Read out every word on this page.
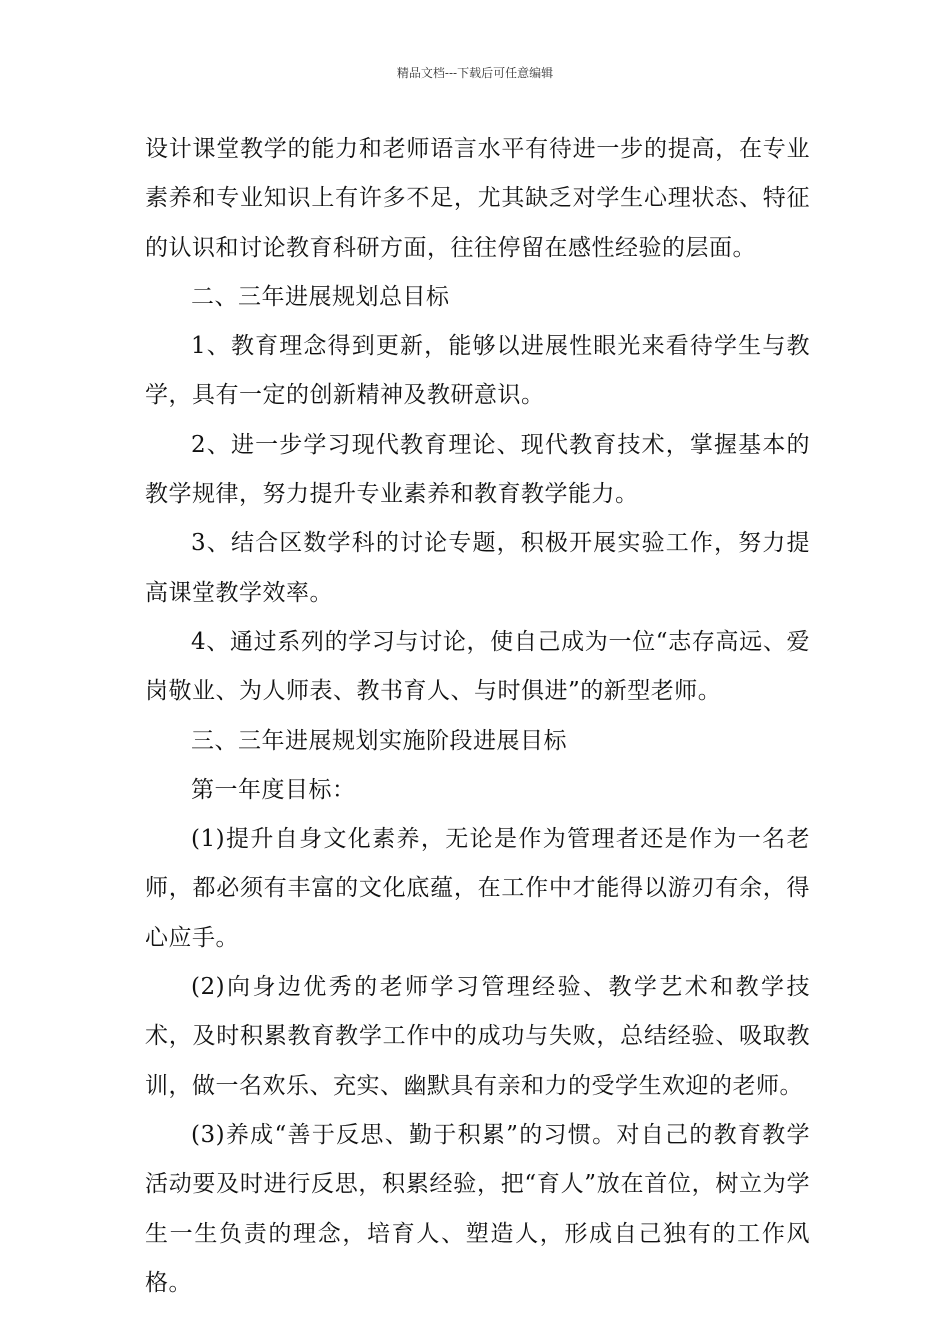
精品文档---下载后可任意编辑

设计课堂教学的能力和老师语言水平有待进一步的提高，在专业素养和专业知识上有许多不足，尤其缺乏对学生心理状态、特征的认识和讨论教育科研方面，往往停留在感性经验的层面。

二、三年进展规划总目标

1、教育理念得到更新，能够以进展性眼光来看待学生与教学，具有一定的创新精神及教研意识。

2、进一步学习现代教育理论、现代教育技术，掌握基本的教学规律，努力提升专业素养和教育教学能力。

3、结合区数学科的讨论专题，积极开展实验工作，努力提高课堂教学效率。

4、通过系列的学习与讨论，使自己成为一位“志存高远、爱岗敬业、为人师表、教书育人、与时俱进”的新型老师。

三、三年进展规划实施阶段进展目标

第一年度目标：

(1)提升自身文化素养，无论是作为管理者还是作为一名老师，都必须有丰富的文化底蕴，在工作中才能得以游刃有余，得心应手。

(2)向身边优秀的老师学习管理经验、教学艺术和教学技术，及时积累教育教学工作中的成功与失败，总结经验、吸取教训，做一名欢乐、充实、幽默具有亲和力的受学生欢迎的老师。

(3)养成“善于反思、勤于积累”的习惯。对自己的教育教学活动要及时进行反思，积累经验，把“育人”放在首位，树立为学生一生负责的理念，培育人、塑造人，形成自己独有的工作风格。
